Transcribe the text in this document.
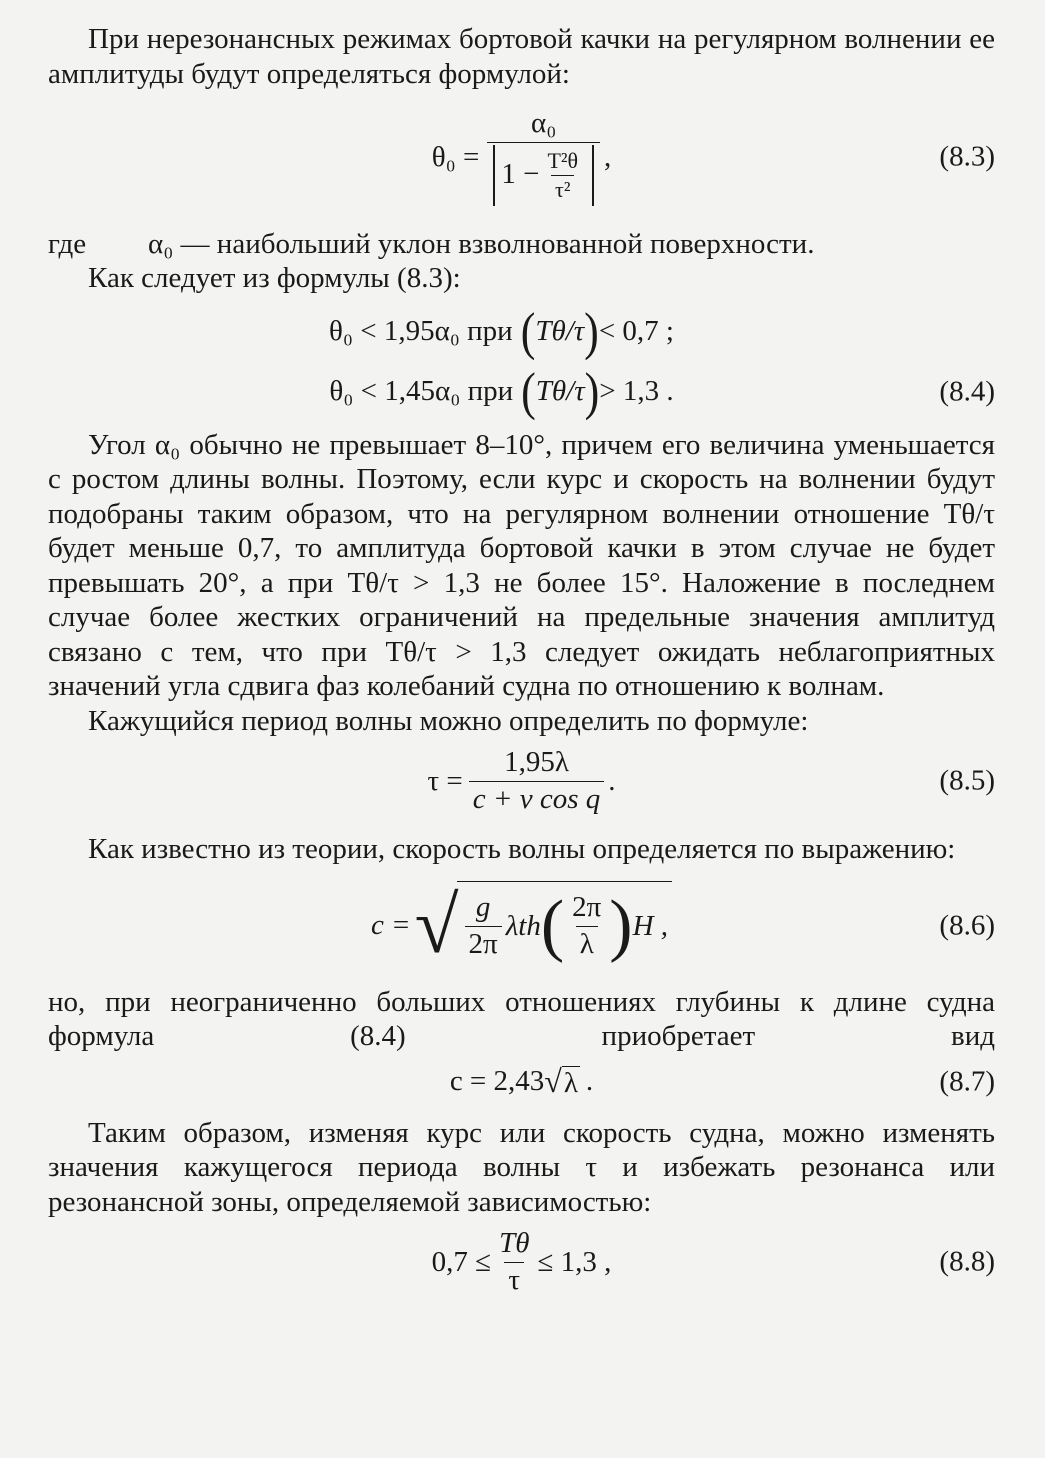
При нерезонансных режимах бортовой качки на регулярном волнении ее амплитуды будут определяться формулой:

$\theta_0 = \frac{\text{α₀}}{1 - \frac{\text{T²θ}}{\text{τ²}}}$ ,	(8.3)
где	α₀ — наибольший уклон взволнованной поверхности.

Как следует из формулы (8.3):

θ₀ < 1,95α₀ при ( Tθ/τ ) < 0,7 ;
θ₀ < 1,45α₀ при ( Tθ/τ ) > 1,3 .	(8.4)

Угол α₀ обычно не превышает 8–10°, причем его величина уменьшается с ростом длины волны. Поэтому, если курс и скорость на волнении будут подобраны таким образом, что на регулярном волнении отношение Tθ/τ будет меньше 0,7, то амплитуда бортовой качки в этом случае не будет превышать 20°, а при Tθ/τ > 1,3 не более 15°. Наложение в последнем случае более жестких ограничений на предельные значения амплитуд связано с тем, что при Tθ/τ > 1,3 следует ожидать неблагоприятных значений угла сдвига фаз колебаний судна по отношению к волнам.

Кажущийся период волны можно определить по формуле:

$\tau = \frac{1,95\lambda}{\text{c + v cos q}}$ .	(8.5)

Как известно из теории, скорость волны определяется по выражению:

c = √ $\frac{g}{2\pi}$ λth ( $\frac{2\pi}{\lambda}$ ) H ,	(8.6)

но, при неограниченно больших отношениях глубины к длине судна формула (8.4) приобретает вид

c = 2,43 √ λ .	(8.7)

Таким образом, изменяя курс или скорость судна, можно изменять значения кажущегося периода волны τ и избежать резонанса или резонансной зоны, определяемой зависимостью:

$0,7 \le \frac{T\theta}{\tau} \le 1,3$ ,	(8.8)
